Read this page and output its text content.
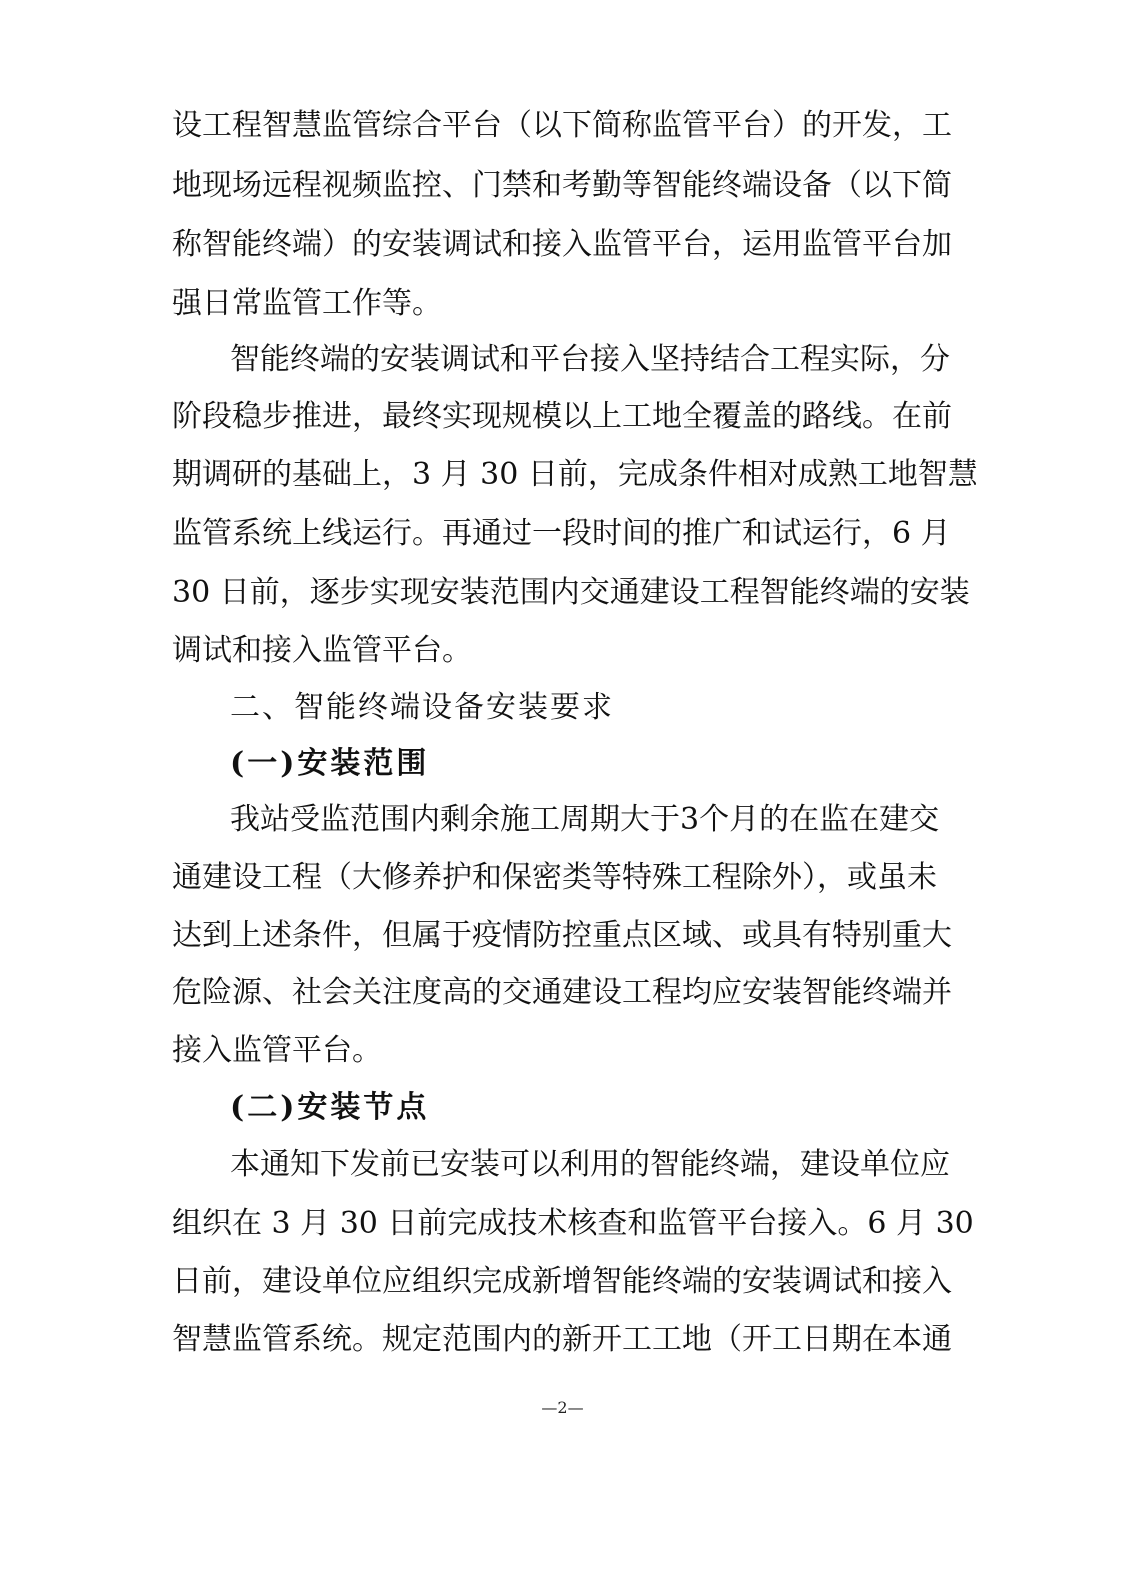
设工程智慧监管综合平台（以下简称监管平台）的开发，工
地现场远程视频监控、门禁和考勤等智能终端设备（以下简
称智能终端）的安装调试和接入监管平台，运用监管平台加
强日常监管工作等。
智能终端的安装调试和平台接入坚持结合工程实际，分
阶段稳步推进，最终实现规模以上工地全覆盖的路线。在前
期调研的基础上，3 月 30 日前，完成条件相对成熟工地智慧
监管系统上线运行。再通过一段时间的推广和试运行，6 月
30 日前，逐步实现安装范围内交通建设工程智能终端的安装
调试和接入监管平台。
二、智能终端设备安装要求
(一)安装范围
我站受监范围内剩余施工周期大于3个月的在监在建交
通建设工程（大修养护和保密类等特殊工程除外），或虽未
达到上述条件，但属于疫情防控重点区域、或具有特别重大
危险源、社会关注度高的交通建设工程均应安装智能终端并
接入监管平台。
(二)安装节点
本通知下发前已安装可以利用的智能终端，建设单位应
组织在 3 月 30 日前完成技术核查和监管平台接入。6 月 30
日前，建设单位应组织完成新增智能终端的安装调试和接入
智慧监管系统。规定范围内的新开工工地（开工日期在本通
—2—
